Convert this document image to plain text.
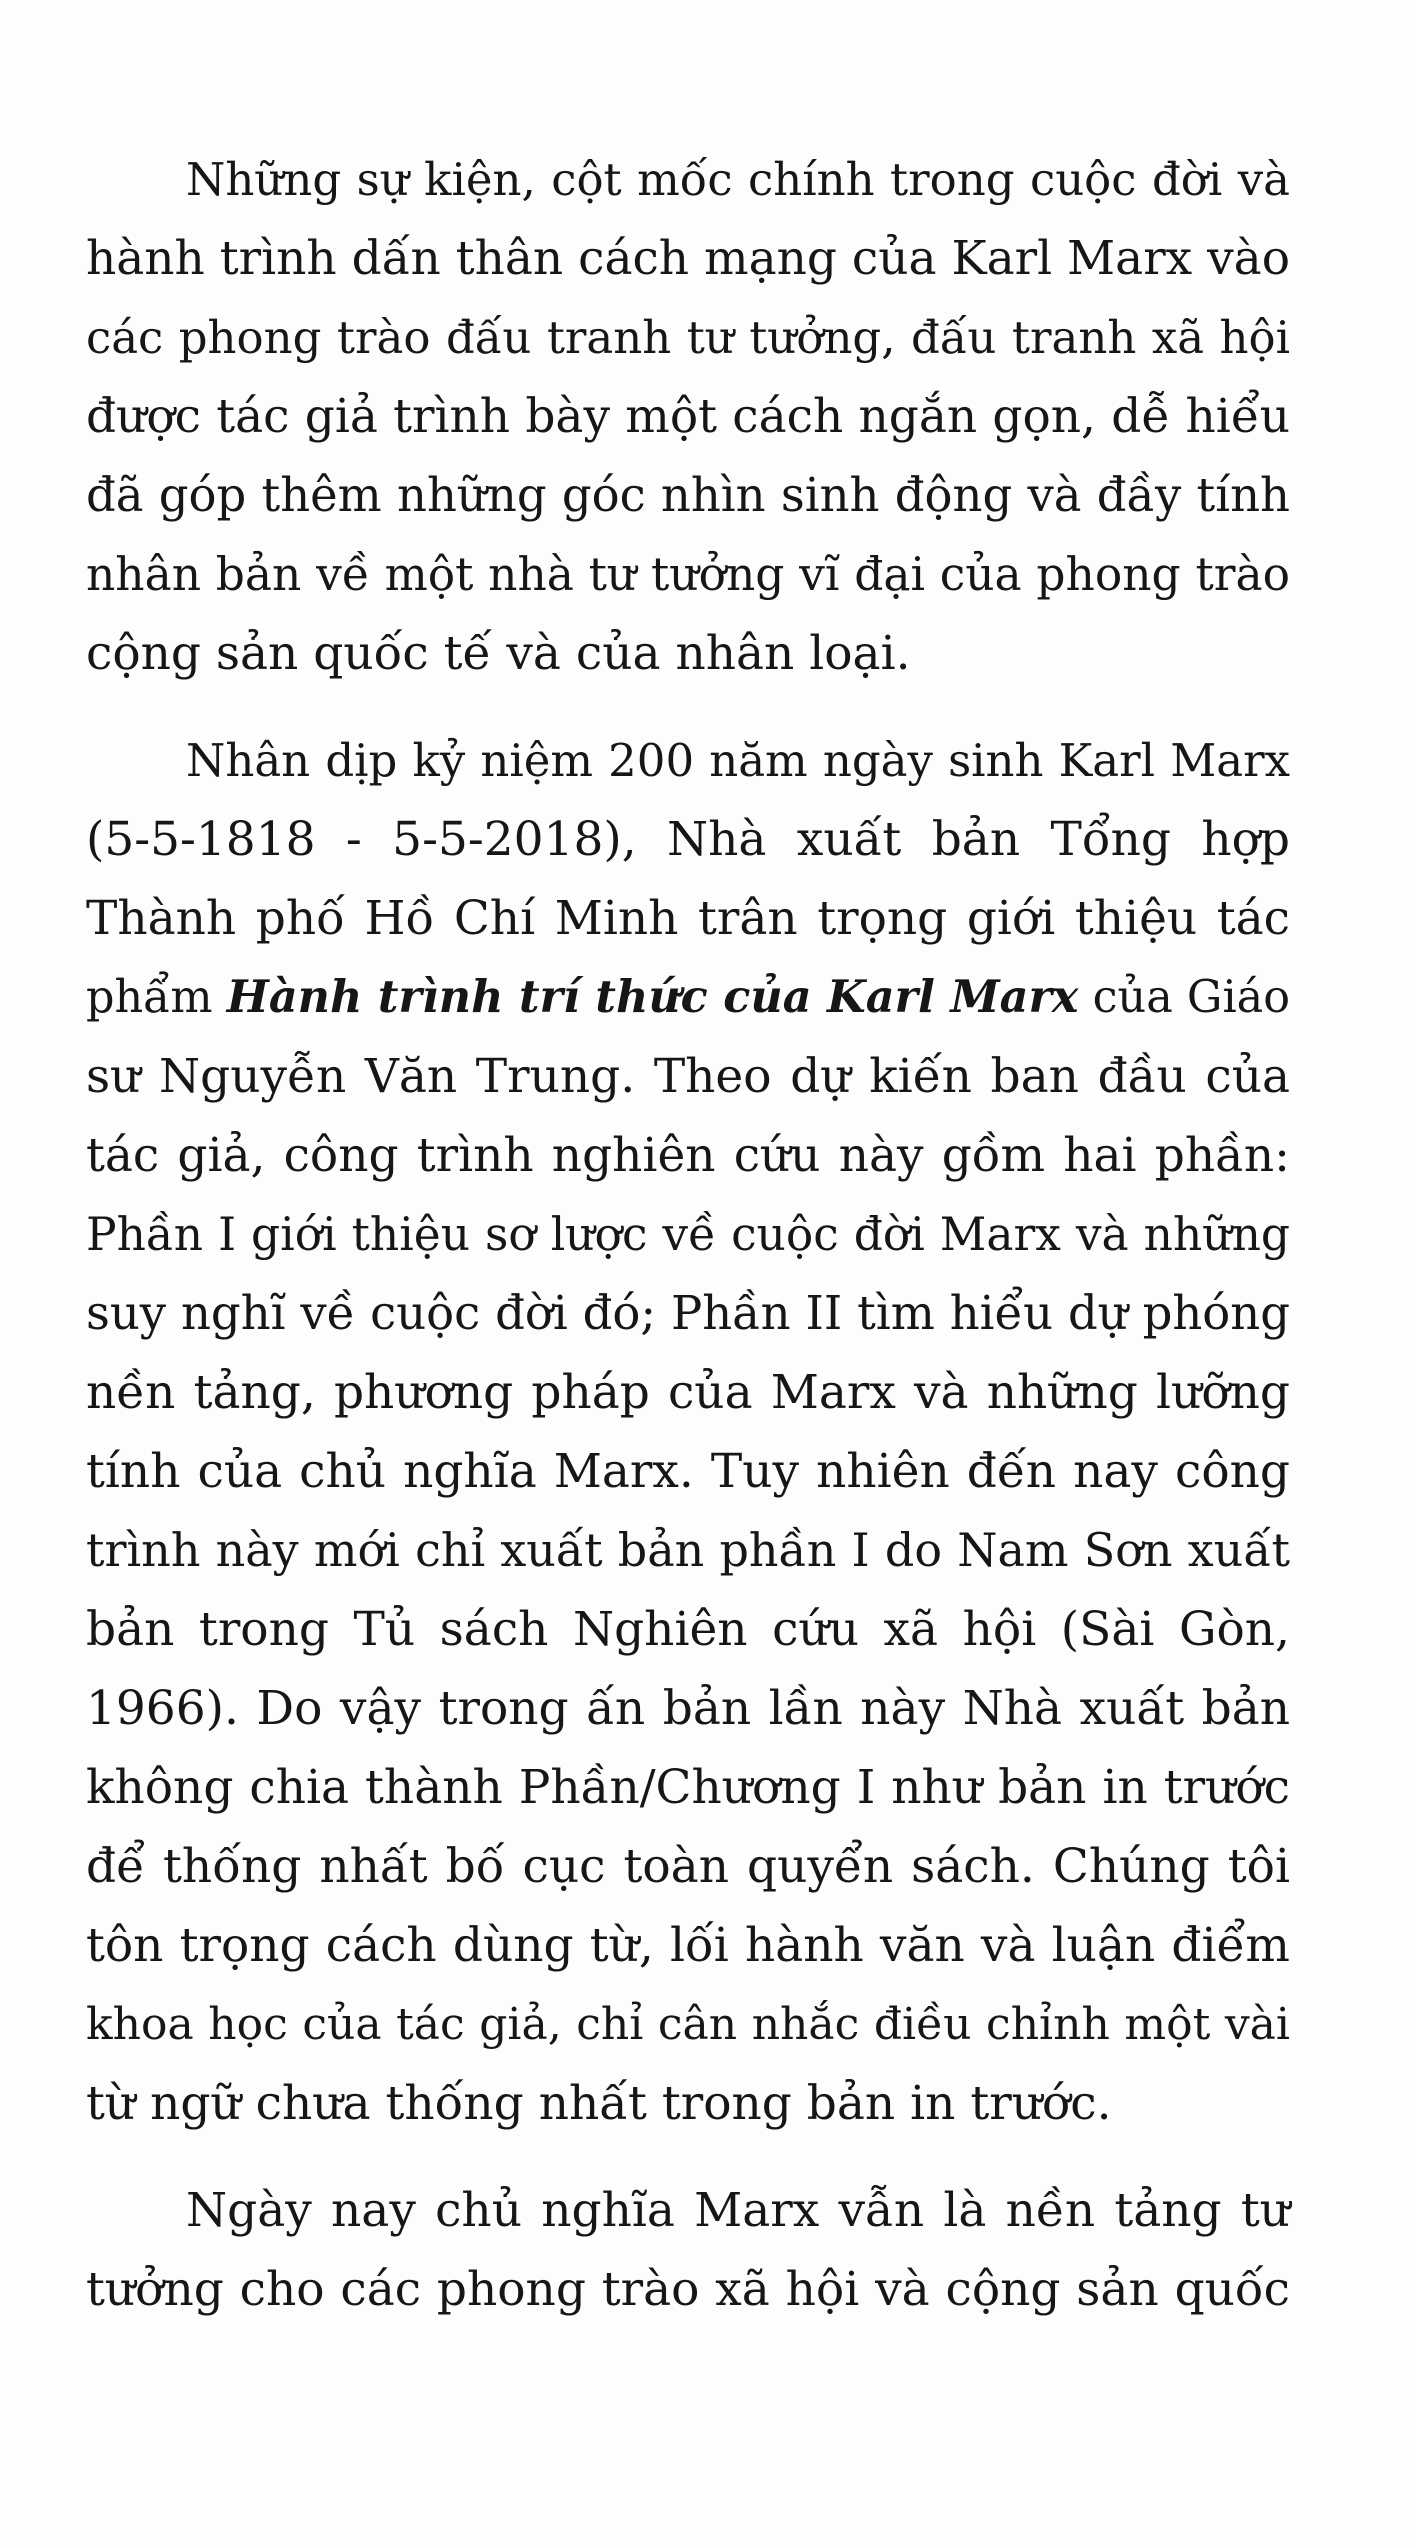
Những sự kiện, cột mốc chính trong cuộc đời và
hành trình dấn thân cách mạng của Karl Marx vào
các phong trào đấu tranh tư tưởng, đấu tranh xã hội
được tác giả trình bày một cách ngắn gọn, dễ hiểu
đã góp thêm những góc nhìn sinh động và đầy tính
nhân bản về một nhà tư tưởng vĩ đại của phong trào
cộng sản quốc tế và của nhân loại.

Nhân dịp kỷ niệm 200 năm ngày sinh Karl Marx
(5-5-1818 - 5-5-2018), Nhà xuất bản Tổng hợp
Thành phố Hồ Chí Minh trân trọng giới thiệu tác
phẩm Hành trình trí thức của Karl Marx của Giáo
sư Nguyễn Văn Trung. Theo dự kiến ban đầu của
tác giả, công trình nghiên cứu này gồm hai phần:
Phần I giới thiệu sơ lược về cuộc đời Marx và những
suy nghĩ về cuộc đời đó; Phần II tìm hiểu dự phóng
nền tảng, phương pháp của Marx và những lưỡng
tính của chủ nghĩa Marx. Tuy nhiên đến nay công
trình này mới chỉ xuất bản phần I do Nam Sơn xuất
bản trong Tủ sách Nghiên cứu xã hội (Sài Gòn,
1966). Do vậy trong ấn bản lần này Nhà xuất bản
không chia thành Phần/Chương I như bản in trước
để thống nhất bố cục toàn quyển sách. Chúng tôi
tôn trọng cách dùng từ, lối hành văn và luận điểm
khoa học của tác giả, chỉ cân nhắc điều chỉnh một vài
từ ngữ chưa thống nhất trong bản in trước.

Ngày nay chủ nghĩa Marx vẫn là nền tảng tư
tưởng cho các phong trào xã hội và cộng sản quốc
